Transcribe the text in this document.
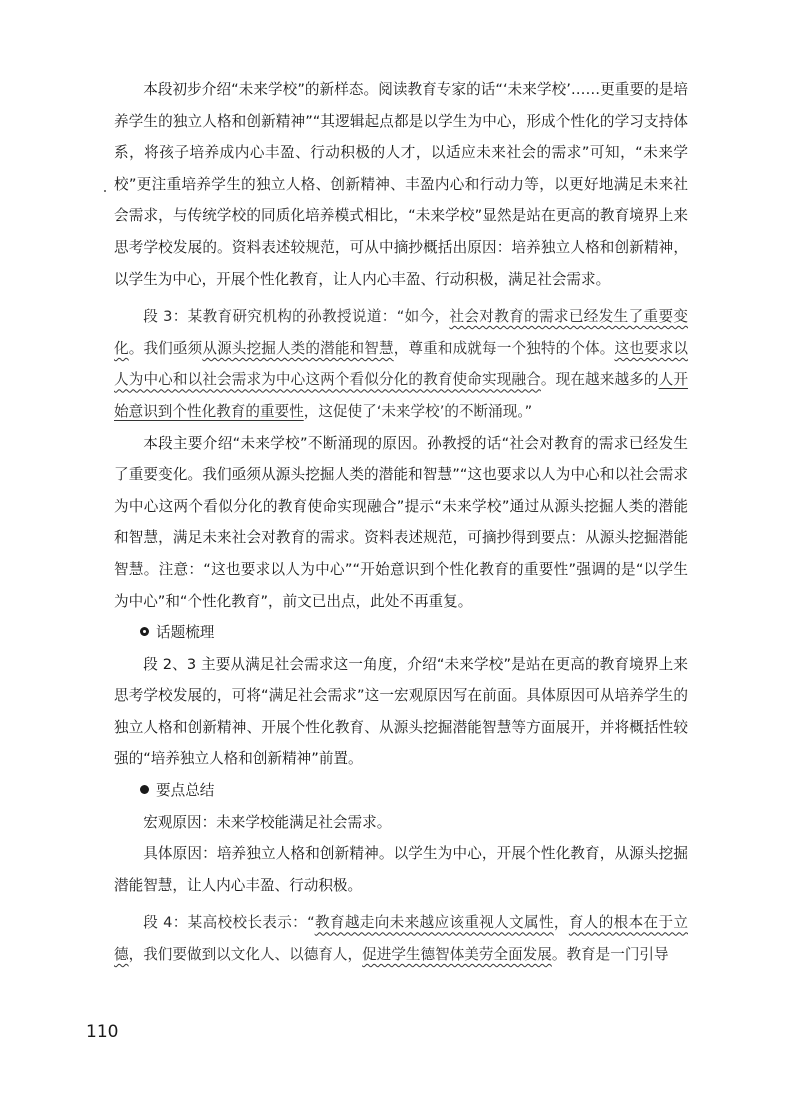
本段初步介绍“未来学校”的新样态。阅读教育专家的话“‘未来学校’……更重要的是培养学生的独立人格和创新精神”“其逻辑起点都是以学生为中心，形成个性化的学习支持体系，将孩子培养成内心丰盈、行动积极的人才，以适应未来社会的需求”可知，“未来学校”更注重培养学生的独立人格、创新精神、丰盈内心和行动力等，以更好地满足未来社会需求，与传统学校的同质化培养模式相比，“未来学校”显然是站在更高的教育境界上来思考学校发展的。资料表述较规范，可从中摘抄概括出原因：培养独立人格和创新精神，以学生为中心，开展个性化教育，让人内心丰盈、行动积极，满足社会需求。

段 3：某教育研究机构的孙教授说道：“如今，社会对教育的需求已经发生了重要变化。我们亟须从源头挖掘人类的潜能和智慧，尊重和成就每一个独特的个体。这也要求以人为中心和以社会需求为中心这两个看似分化的教育使命实现融合。现在越来越多的人开始意识到个性化教育的重要性，这促使了‘未来学校’的不断涌现。”

本段主要介绍“未来学校”不断涌现的原因。孙教授的话“社会对教育的需求已经发生了重要变化。我们亟须从源头挖掘人类的潜能和智慧”“这也要求以人为中心和以社会需求为中心这两个看似分化的教育使命实现融合”提示“未来学校”通过从源头挖掘人类的潜能和智慧，满足未来社会对教育的需求。资料表述规范，可摘抄得到要点：从源头挖掘潜能智慧。注意：“这也要求以人为中心”“开始意识到个性化教育的重要性”强调的是“以学生为中心”和“个性化教育”，前文已出点，此处不再重复。

话题梳理

段 2、3 主要从满足社会需求这一角度，介绍“未来学校”是站在更高的教育境界上来思考学校发展的，可将“满足社会需求”这一宏观原因写在前面。具体原因可从培养学生的独立人格和创新精神、开展个性化教育、从源头挖掘潜能智慧等方面展开，并将概括性较强的“培养独立人格和创新精神”前置。

要点总结

宏观原因：未来学校能满足社会需求。

具体原因：培养独立人格和创新精神。以学生为中心，开展个性化教育，从源头挖掘潜能智慧，让人内心丰盈、行动积极。

段 4：某高校校长表示：“教育越走向未来越应该重视人文属性，育人的根本在于立德，我们要做到以文化人、以德育人，促进学生德智体美劳全面发展。教育是一门引导

110
